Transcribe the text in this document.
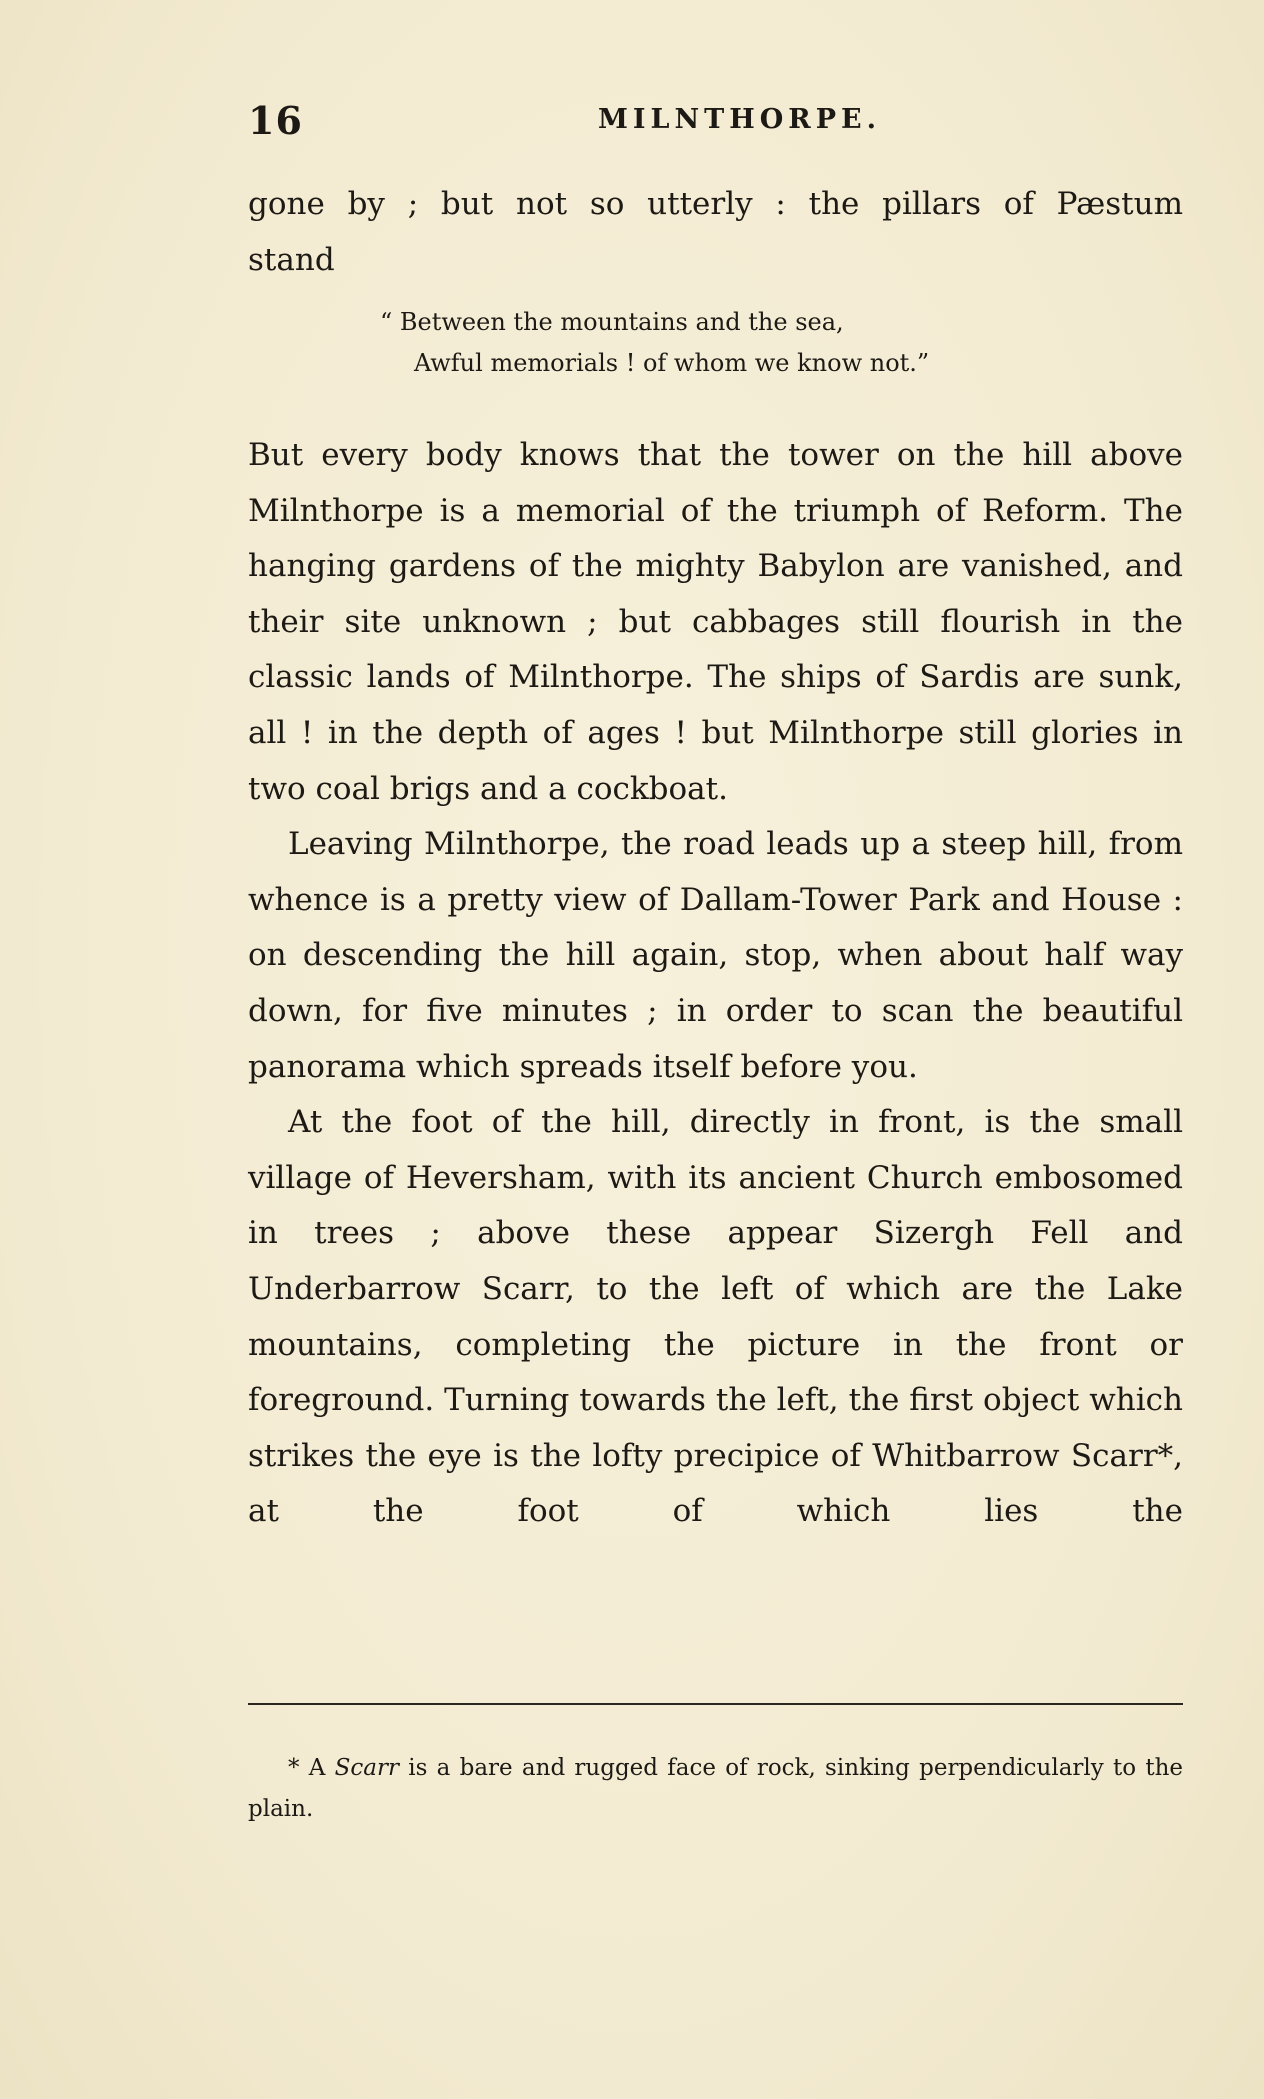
16	MILNTHORPE.

gone by ; but not so utterly : the pillars of Pæstum

stand

“ Between the mountains and the sea,
Awful memorials ! of whom we know not.”

But every body knows that the tower on the hill above Milnthorpe is a memorial of the triumph of Reform. The hanging gardens of the mighty Babylon are vanished, and their site unknown ; but cabbages still flourish in the classic lands of Milnthorpe. The ships of Sardis are sunk, all ! in the depth of ages ! but Milnthorpe still glories in two coal brigs and a cockboat.

Leaving Milnthorpe, the road leads up a steep hill, from whence is a pretty view of Dallam-Tower Park and House : on descending the hill again, stop, when about half way down, for five minutes ; in order to scan the beautiful panorama which spreads itself before you.

At the foot of the hill, directly in front, is the small village of Heversham, with its ancient Church embosomed in trees ; above these appear Sizergh Fell and Underbarrow Scarr, to the left of which are the Lake mountains, completing the picture in the front or foreground. Turning towards the left, the first object which strikes the eye is the lofty precipice of Whitbarrow Scarr*, at the foot of which lies the

* A Scarr is a bare and rugged face of rock, sinking perpendicularly to the plain.
